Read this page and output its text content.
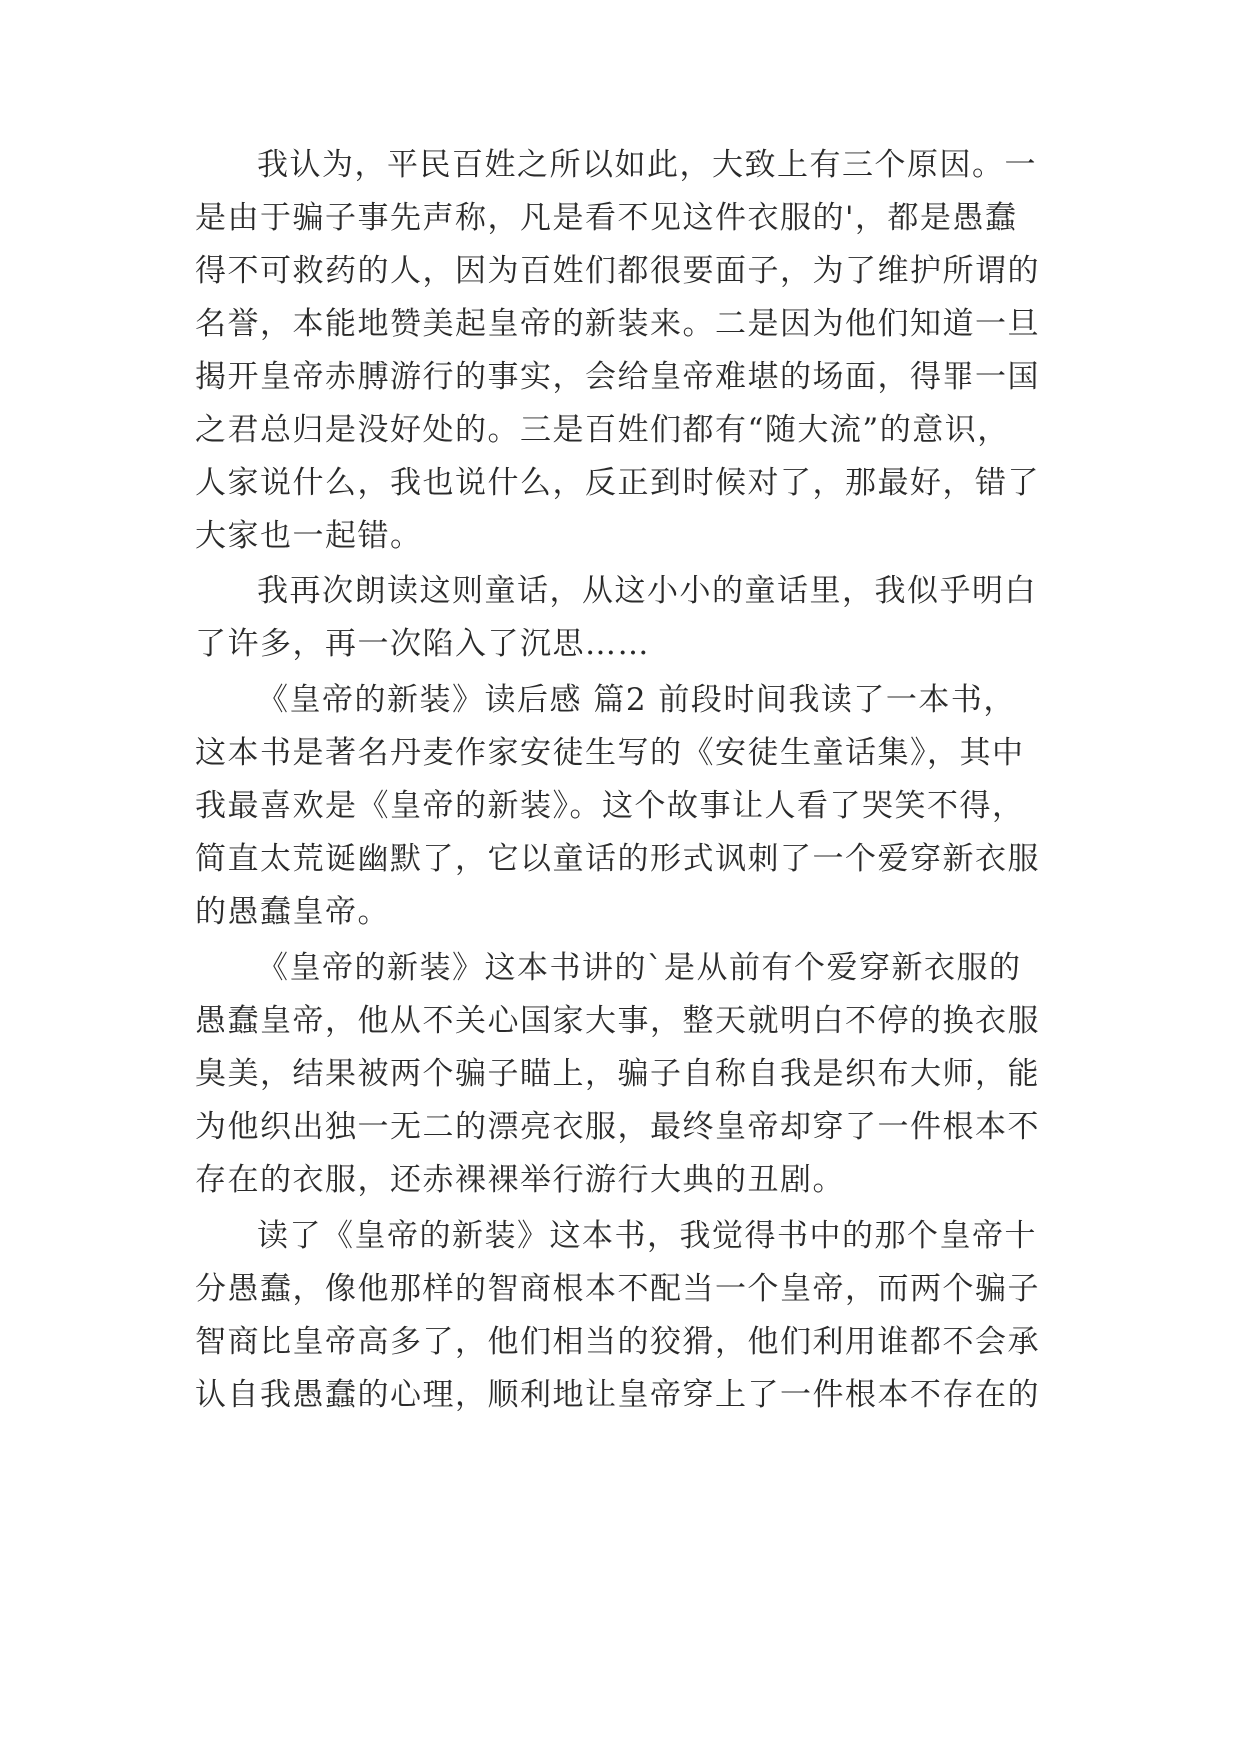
我认为，平民百姓之所以如此，大致上有三个原因。一

是由于骗子事先声称，凡是看不见这件衣服的'，都是愚蠢

得不可救药的人，因为百姓们都很要面子，为了维护所谓的

名誉，本能地赞美起皇帝的新装来。二是因为他们知道一旦

揭开皇帝赤膊游行的事实，会给皇帝难堪的场面，得罪一国

之君总归是没好处的。三是百姓们都有“随大流”的意识，

人家说什么，我也说什么，反正到时候对了，那最好，错了

大家也一起错。

我再次朗读这则童话，从这小小的童话里，我似乎明白

了许多，再一次陷入了沉思……

《皇帝的新装》读后感 篇2 前段时间我读了一本书，

这本书是著名丹麦作家安徒生写的《安徒生童话集》，其中

我最喜欢是《皇帝的新装》。这个故事让人看了哭笑不得，

简直太荒诞幽默了，它以童话的形式讽刺了一个爱穿新衣服

的愚蠢皇帝。

《皇帝的新装》这本书讲的`是从前有个爱穿新衣服的

愚蠢皇帝，他从不关心国家大事，整天就明白不停的换衣服

臭美，结果被两个骗子瞄上，骗子自称自我是织布大师，能

为他织出独一无二的漂亮衣服，最终皇帝却穿了一件根本不

存在的衣服，还赤裸裸举行游行大典的丑剧。

读了《皇帝的新装》这本书，我觉得书中的那个皇帝十

分愚蠢，像他那样的智商根本不配当一个皇帝，而两个骗子

智商比皇帝高多了，他们相当的狡猾，他们利用谁都不会承

认自我愚蠢的心理，顺利地让皇帝穿上了一件根本不存在的
